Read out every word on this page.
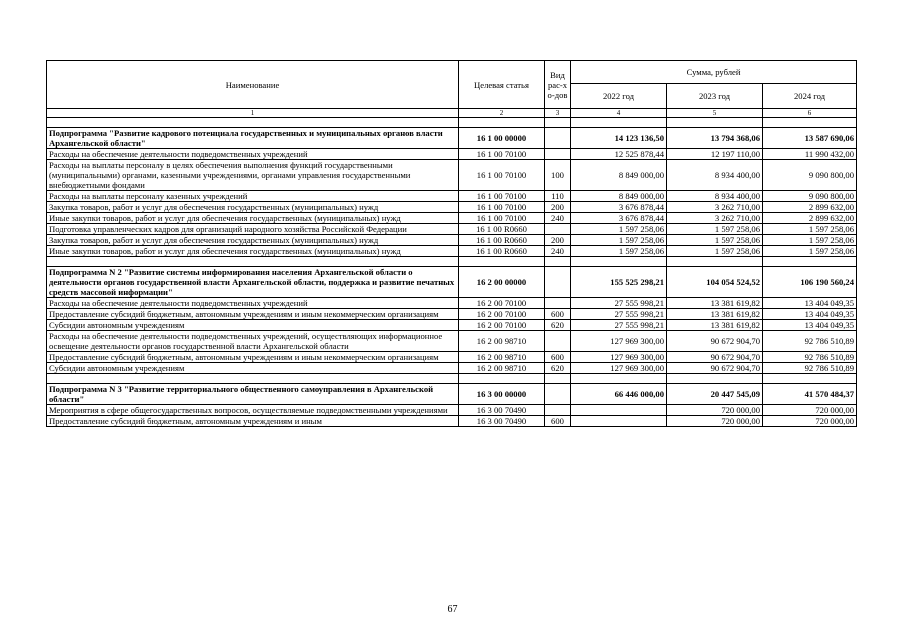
Наименование	Целевая статья	Вид рас-хо-дов	Сумма, рублей		
			2022 год	2023 год	2024 год
1	2	3	4	5	6

Подпрограмма "Развитие кадрового потенциала государственных и муниципальных органов власти Архангельской области"	16 1 00 00000		14 123 136,50	13 794 368,06	13 587 690,06
Расходы на обеспечение деятельности подведомственных учреждений	16 1 00 70100		12 525 878,44	12 197 110,00	11 990 432,00
Расходы на выплаты персоналу в целях обеспечения выполнения функций государственными (муниципальными) органами, казенными учреждениями, органами управления государственными внебюджетными фондами	16 1 00 70100	100	8 849 000,00	8 934 400,00	9 090 800,00
Расходы на выплаты персоналу казенных учреждений	16 1 00 70100	110	8 849 000,00	8 934 400,00	9 090 800,00
Закупка товаров, работ и услуг для обеспечения государственных (муниципальных) нужд	16 1 00 70100	200	3 676 878,44	3 262 710,00	2 899 632,00
Иные закупки товаров, работ и услуг для обеспечения государственных (муниципальных) нужд	16 1 00 70100	240	3 676 878,44	3 262 710,00	2 899 632,00
Подготовка управленческих кадров для организаций народного хозяйства Российской Федерации	16 1 00 R0660		1 597 258,06	1 597 258,06	1 597 258,06
Закупка товаров, работ и услуг для обеспечения государственных (муниципальных) нужд	16 1 00 R0660	200	1 597 258,06	1 597 258,06	1 597 258,06
Иные закупки товаров, работ и услуг для обеспечения государственных (муниципальных) нужд	16 1 00 R0660	240	1 597 258,06	1 597 258,06	1 597 258,06

Подпрограмма N 2 "Развитие системы информирования населения Архангельской области о деятельности органов государственной власти Архангельской области, поддержка и развитие печатных средств массовой информации"	16 2 00 00000		155 525 298,21	104 054 524,52	106 190 560,24
Расходы на обеспечение деятельности подведомственных учреждений	16 2 00 70100		27 555 998,21	13 381 619,82	13 404 049,35
Предоставление субсидий бюджетным, автономным учреждениям и иным некоммерческим организациям	16 2 00 70100	600	27 555 998,21	13 381 619,82	13 404 049,35
Субсидии автономным учреждениям	16 2 00 70100	620	27 555 998,21	13 381 619,82	13 404 049,35
Расходы на обеспечение деятельности подведомственных учреждений, осуществляющих информационное освещение деятельности органов государственной власти Архангельской области	16 2 00 98710		127 969 300,00	90 672 904,70	92 786 510,89
Предоставление субсидий бюджетным, автономным учреждениям и иным некоммерческим организациям	16 2 00 98710	600	127 969 300,00	90 672 904,70	92 786 510,89
Субсидии автономным учреждениям	16 2 00 98710	620	127 969 300,00	90 672 904,70	92 786 510,89

Подпрограмма N 3 "Развитие территориального общественного самоуправления в Архангельской области"	16 3 00 00000		66 446 000,00	20 447 545,09	41 570 484,37
Мероприятия в сфере общегосударственных вопросов, осуществляемые подведомственными учреждениями	16 3 00 70490			720 000,00	720 000,00
Предоставление субсидий бюджетным, автономным учреждениям и иным	16 3 00 70490	600		720 000,00	720 000,00
67
